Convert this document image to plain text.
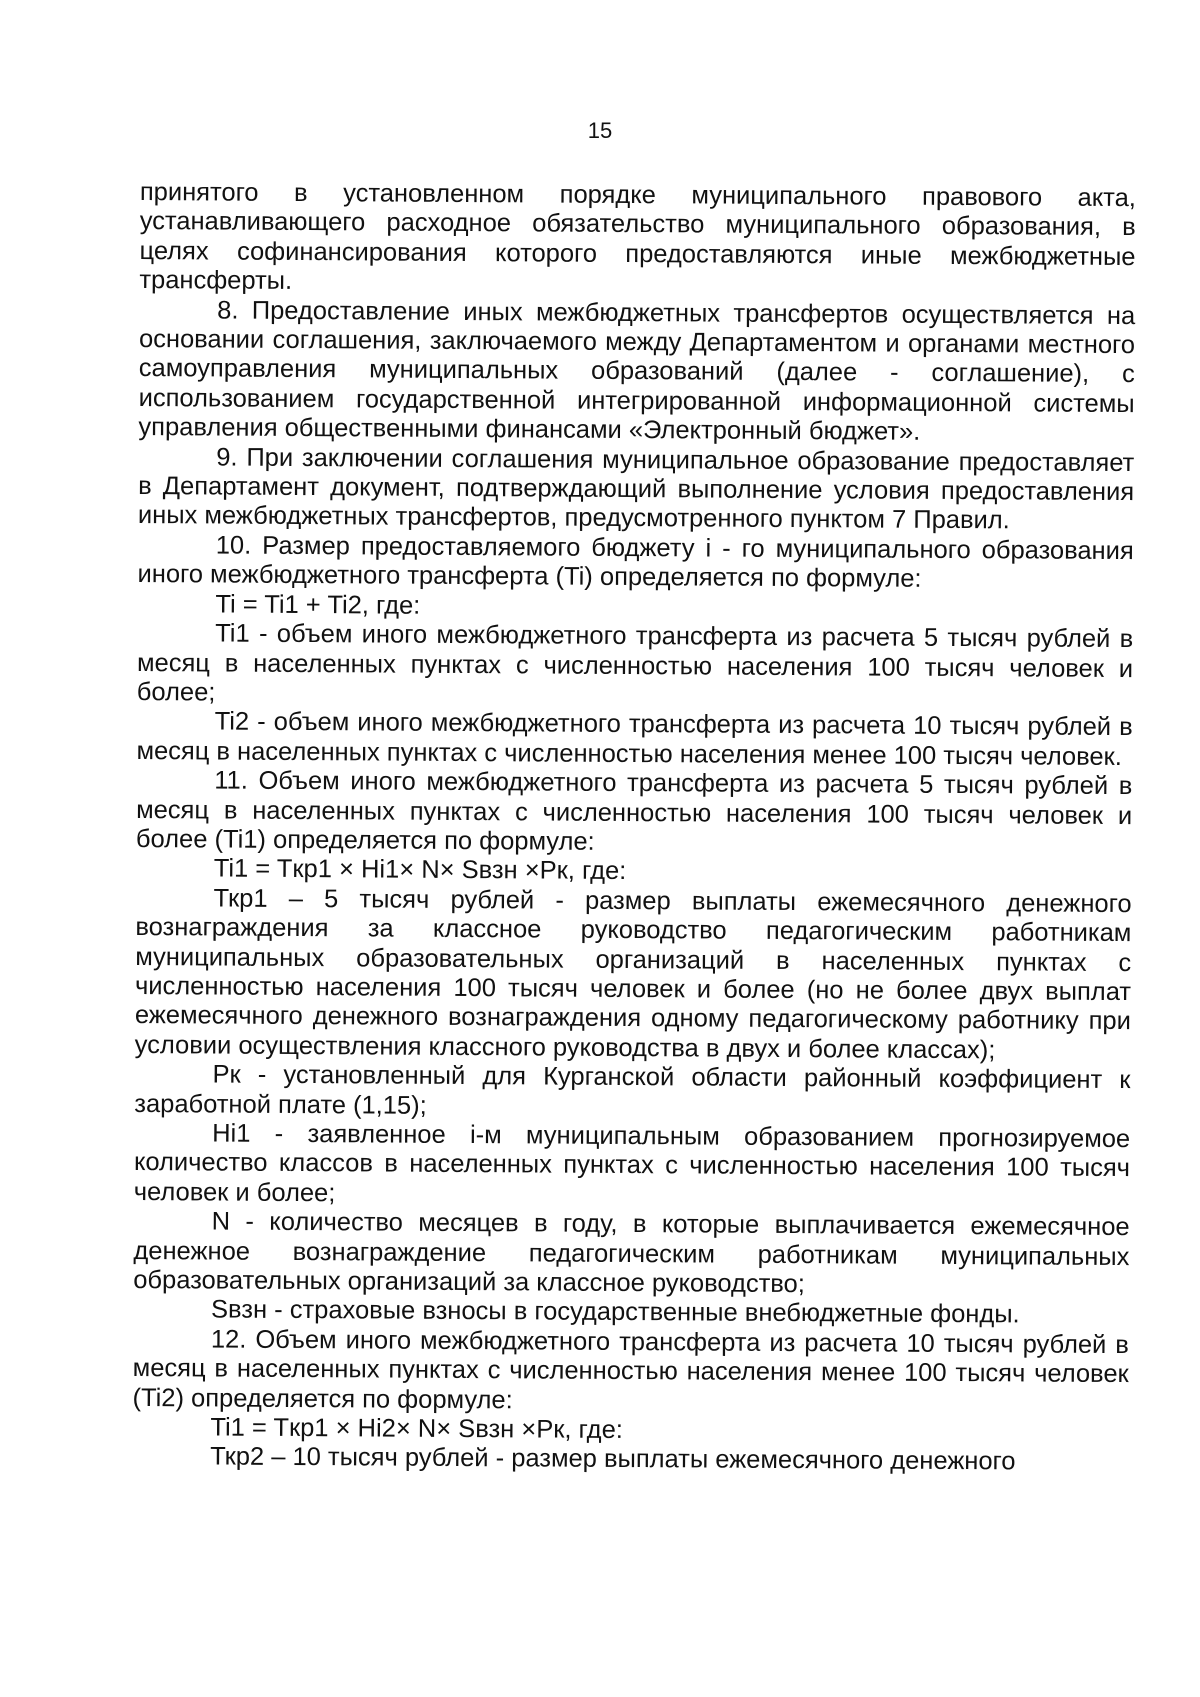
15

принятого в установленном порядке муниципального правового акта, устанавливающего расходное обязательство муниципального образования, в целях софинансирования которого предоставляются иные межбюджетные трансферты.

8. Предоставление иных межбюджетных трансфертов осуществляется на основании соглашения, заключаемого между Департаментом и органами местного самоуправления муниципальных образований (далее - соглашение), с использованием государственной интегрированной информационной системы управления общественными финансами «Электронный бюджет».

9. При заключении соглашения муниципальное образование предоставляет в Департамент документ, подтверждающий выполнение условия предоставления иных межбюджетных трансфертов, предусмотренного пунктом 7 Правил.

10. Размер предоставляемого бюджету i - го муниципального образования иного межбюджетного трансферта (Ti) определяется по формуле:

Ti = Ti1 + Ti2, где:

Ti1 - объем иного межбюджетного трансферта из расчета 5 тысяч рублей в месяц в населенных пунктах с численностью населения 100 тысяч человек и более;

Ti2 - объем иного межбюджетного трансферта из расчета 10 тысяч рублей в месяц в населенных пунктах с численностью населения менее 100 тысяч человек.

11. Объем иного межбюджетного трансферта из расчета 5 тысяч рублей в месяц в населенных пунктах с численностью населения 100 тысяч человек и более (Ti1) определяется по формуле:

Ti1 = Tкр1 × Hi1× N× Sвзн ×Pк, где:

Ткр1 – 5 тысяч рублей - размер выплаты ежемесячного денежного вознаграждения за классное руководство педагогическим работникам муниципальных образовательных организаций в населенных пунктах с численностью населения 100 тысяч человек и более (но не более двух выплат ежемесячного денежного вознаграждения одному педагогическому работнику при условии осуществления классного руководства в двух и более классах);

Pк - установленный для Курганской области районный коэффициент к заработной плате (1,15);

Hi1 - заявленное i-м муниципальным образованием прогнозируемое количество классов в населенных пунктах с численностью населения 100 тысяч человек и более;

N - количество месяцев в году, в которые выплачивается ежемесячное денежное вознаграждение педагогическим работникам муниципальных образовательных организаций за классное руководство;

Sвзн - страховые взносы в государственные внебюджетные фонды.

12. Объем иного межбюджетного трансферта из расчета 10 тысяч рублей в месяц в населенных пунктах с численностью населения менее 100 тысяч человек (Ti2) определяется по формуле:

Ti1 = Tкр1 × Hi2× N× Sвзн ×Pк, где:

Ткр2 – 10 тысяч рублей - размер выплаты ежемесячного денежного
